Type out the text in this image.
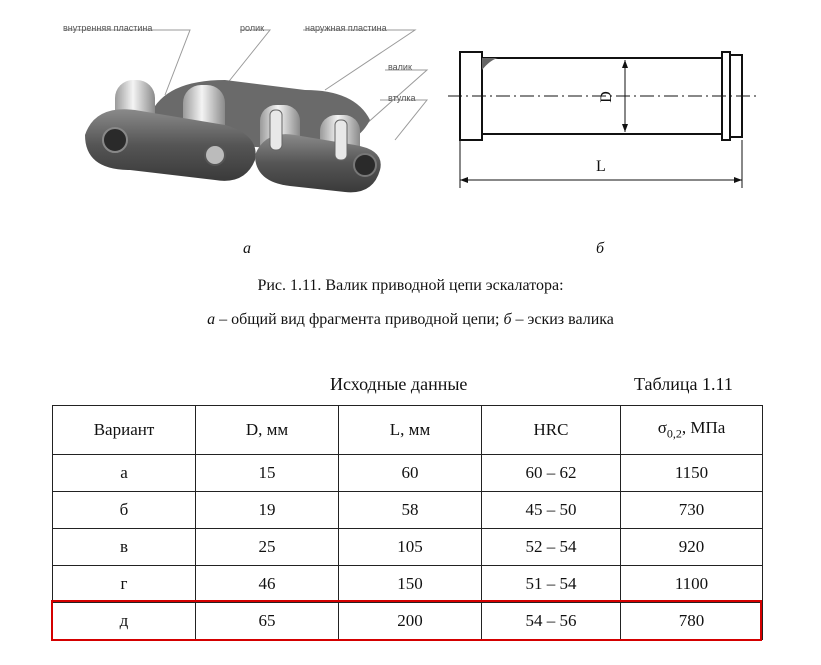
внутренняя пластина	ролик	наружная пластина
валик
втулка	D
L
а	б
Рис. 1.11. Валик приводной цепи эскалатора:
а – общий вид фрагмента приводной цепи; б – эскиз валика
Исходные данные	Таблица 1.11
Вариант	D, мм	L, мм	HRC	$\sigma_{0,2}$, МПа
а	15	60	60 – 62	1150
б	19	58	45 – 50	730
в	25	105	52 – 54	920
г	46	150	51 – 54	1100
д	65	200	54 – 56	780
